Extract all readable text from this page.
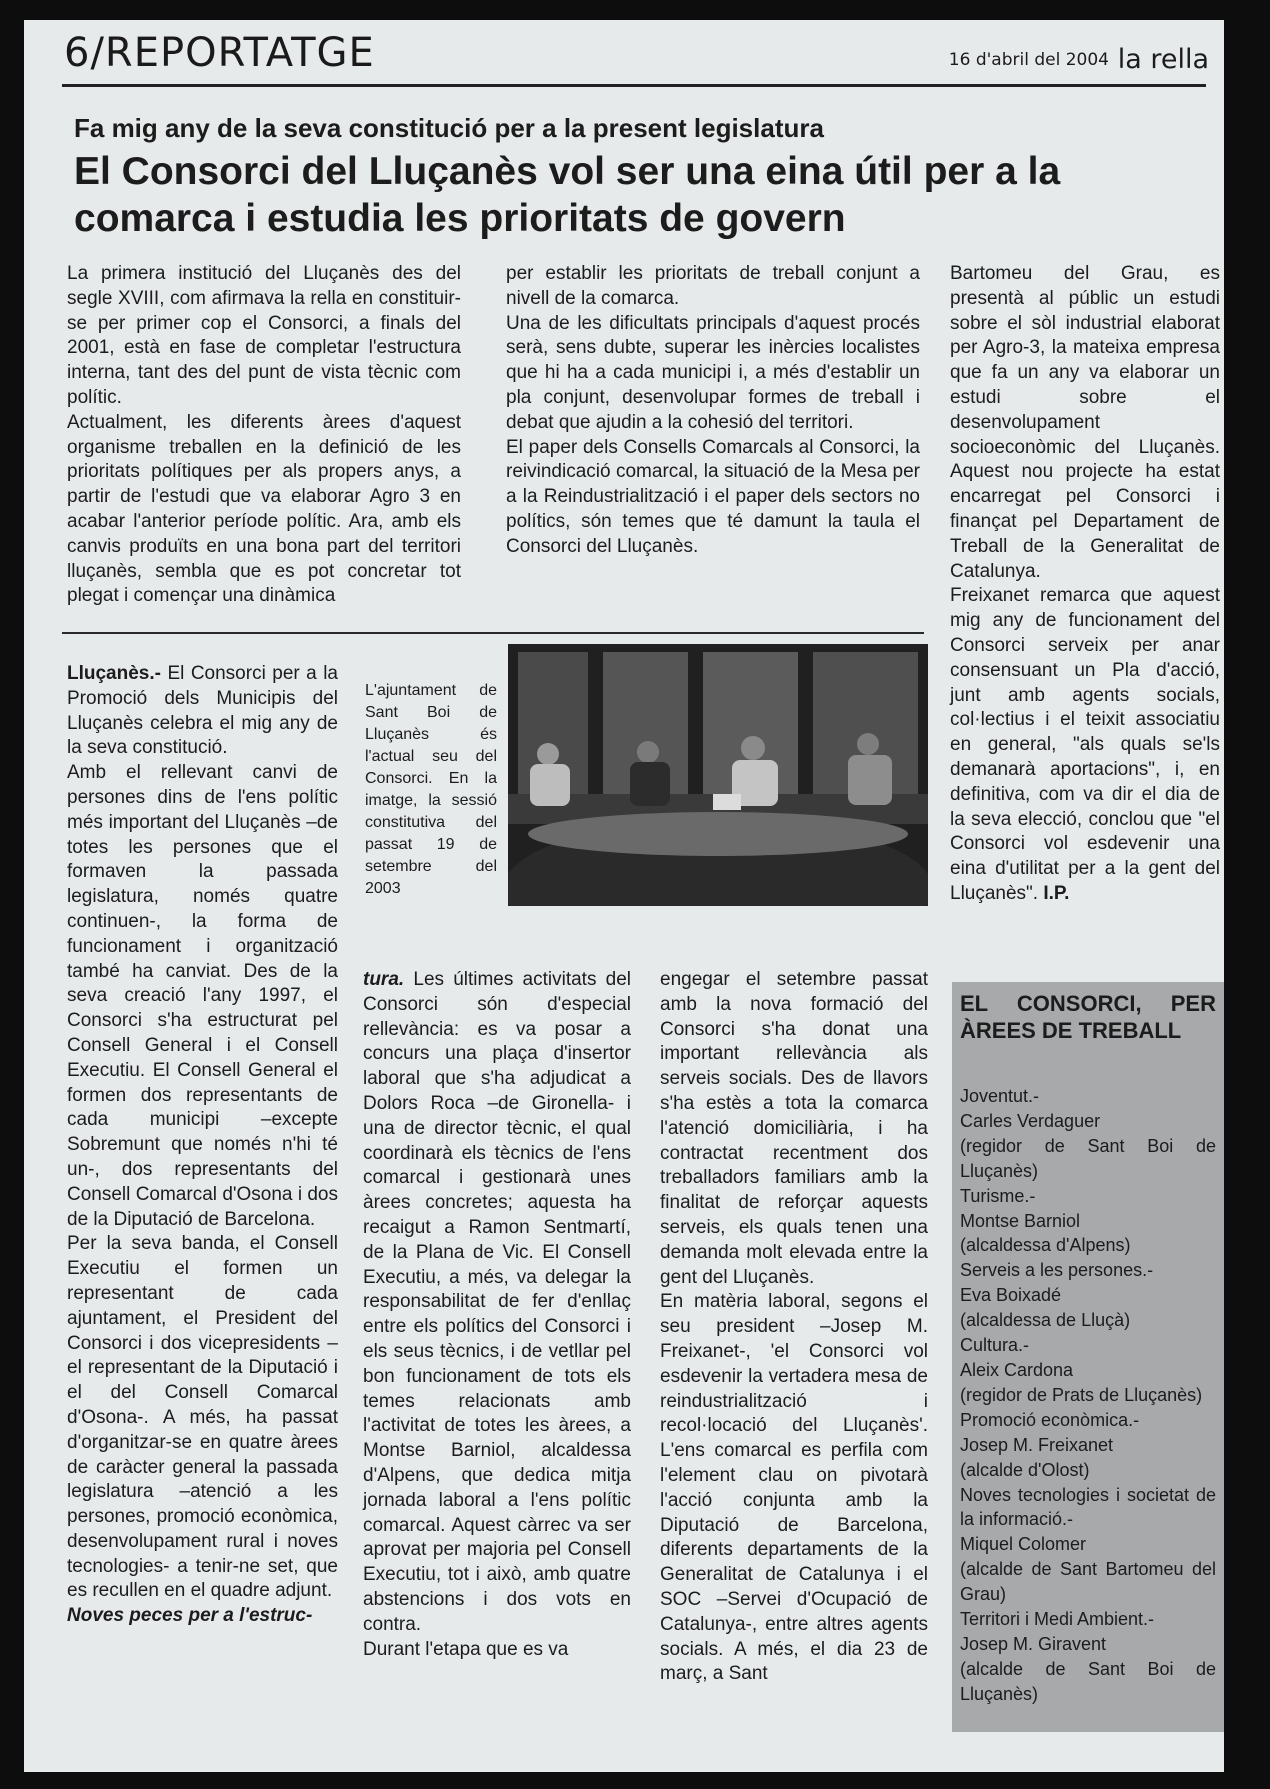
6/REPORTATGE	16 d'abril del 2004 la rella
Fa mig any de la seva constitució per a la present legislatura
El Consorci del Lluçanès vol ser una eina útil per a la comarca i estudia les prioritats de govern

La primera institució del Lluçanès des del segle XVIII, com afirmava la rella en constituir-se per primer cop el Consorci, a finals del 2001, està en fase de completar l'estructura interna, tant des del punt de vista tècnic com polític.

Actualment, les diferents àrees d'aquest organisme treballen en la definició de les prioritats polítiques per als propers anys, a partir de l'estudi que va elaborar Agro 3 en acabar l'anterior període polític. Ara, amb els canvis produïts en una bona part del territori lluçanès, sembla que es pot concretar tot plegat i començar una dinàmica

per establir les prioritats de treball conjunt a nivell de la comarca.

Una de les dificultats principals d'aquest procés serà, sens dubte, superar les inèrcies localistes que hi ha a cada municipi i, a més d'establir un pla conjunt, desenvolupar formes de treball i debat que ajudin a la cohesió del territori.

El paper dels Consells Comarcals al Consorci, la reivindicació comarcal, la situació de la Mesa per a la Reindustrialització i el paper dels sectors no polítics, són temes que té damunt la taula el Consorci del Lluçanès.

Bartomeu del Grau, es presentà al públic un estudi sobre el sòl industrial elaborat per Agro-3, la mateixa empresa que fa un any va elaborar un estudi sobre el desenvolupament socioeconòmic del Lluçanès. Aquest nou projecte ha estat encarregat pel Consorci i finançat pel Departament de Treball de la Generalitat de Catalunya.

Freixanet remarca que aquest mig any de funcionament del Consorci serveix per anar consensuant un Pla d'acció, junt amb agents socials, col·lectius i el teixit associatiu en general, "als quals se'ls demanarà aportacions", i, en definitiva, com va dir el dia de la seva elecció, conclou que "el Consorci vol esdevenir una eina d'utilitat per a la gent del Lluçanès". I.P.

L'ajuntament de Sant Boi de Lluçanès és l'actual seu del Consorci. En la imatge, la sessió constitutiva del passat 19 de setembre del 2003

Lluçanès.- El Consorci per a la Promoció dels Municipis del Lluçanès celebra el mig any de la seva constitució.

Amb el rellevant canvi de persones dins de l'ens polític més important del Lluçanès –de totes les persones que el formaven la passada legislatura, només quatre continuen-, la forma de funcionament i organització també ha canviat. Des de la seva creació l'any 1997, el Consorci s'ha estructurat pel Consell General i el Consell Executiu. El Consell General el formen dos representants de cada municipi –excepte Sobremunt que només n'hi té un-, dos representants del Consell Comarcal d'Osona i dos de la Diputació de Barcelona.

Per la seva banda, el Consell Executiu el formen un representant de cada ajuntament, el President del Consorci i dos vicepresidents –el representant de la Diputació i el del Consell Comarcal d'Osona-. A més, ha passat d'organitzar-se en quatre àrees de caràcter general la passada legislatura –atenció a les persones, promoció econòmica, desenvolupament rural i noves tecnologies- a tenir-ne set, que es recullen en el quadre adjunt.

Noves peces per a l'estruc-

tura. Les últimes activitats del Consorci són d'especial rellevància: es va posar a concurs una plaça d'insertor laboral que s'ha adjudicat a Dolors Roca –de Gironella- i una de director tècnic, el qual coordinarà els tècnics de l'ens comarcal i gestionarà unes àrees concretes; aquesta ha recaigut a Ramon Sentmartí, de la Plana de Vic. El Consell Executiu, a més, va delegar la responsabilitat de fer d'enllaç entre els polítics del Consorci i els seus tècnics, i de vetllar pel bon funcionament de tots els temes relacionats amb l'activitat de totes les àrees, a Montse Barniol, alcaldessa d'Alpens, que dedica mitja jornada laboral a l'ens polític comarcal. Aquest càrrec va ser aprovat per majoria pel Consell Executiu, tot i això, amb quatre abstencions i dos vots en contra.

Durant l'etapa que es va

engegar el setembre passat amb la nova formació del Consorci s'ha donat una important rellevància als serveis socials. Des de llavors s'ha estès a tota la comarca l'atenció domiciliària, i ha contractat recentment dos treballadors familiars amb la finalitat de reforçar aquests serveis, els quals tenen una demanda molt elevada entre la gent del Lluçanès.

En matèria laboral, segons el seu president –Josep M. Freixanet-, 'el Consorci vol esdevenir la vertadera mesa de reindustrialització i recol·locació del Lluçanès'. L'ens comarcal es perfila com l'element clau on pivotarà l'acció conjunta amb la Diputació de Barcelona, diferents departaments de la Generalitat de Catalunya i el SOC –Servei d'Ocupació de Catalunya-, entre altres agents socials. A més, el dia 23 de març, a Sant

EL CONSORCI, PER ÀREES DE TREBALL
Joventut.-
Carles Verdaguer
(regidor de Sant Boi de Lluçanès)
Turisme.-
Montse Barniol
(alcaldessa d'Alpens)
Serveis a les persones.-
Eva Boixadé
(alcaldessa de Lluçà)
Cultura.-
Aleix Cardona
(regidor de Prats de Lluçanès)
Promoció econòmica.-
Josep M. Freixanet
(alcalde d'Olost)
Noves tecnologies i societat de la informació.-
Miquel Colomer
(alcalde de Sant Bartomeu del Grau)
Territori i Medi Ambient.-
Josep M. Giravent
(alcalde de Sant Boi de Lluçanès)
